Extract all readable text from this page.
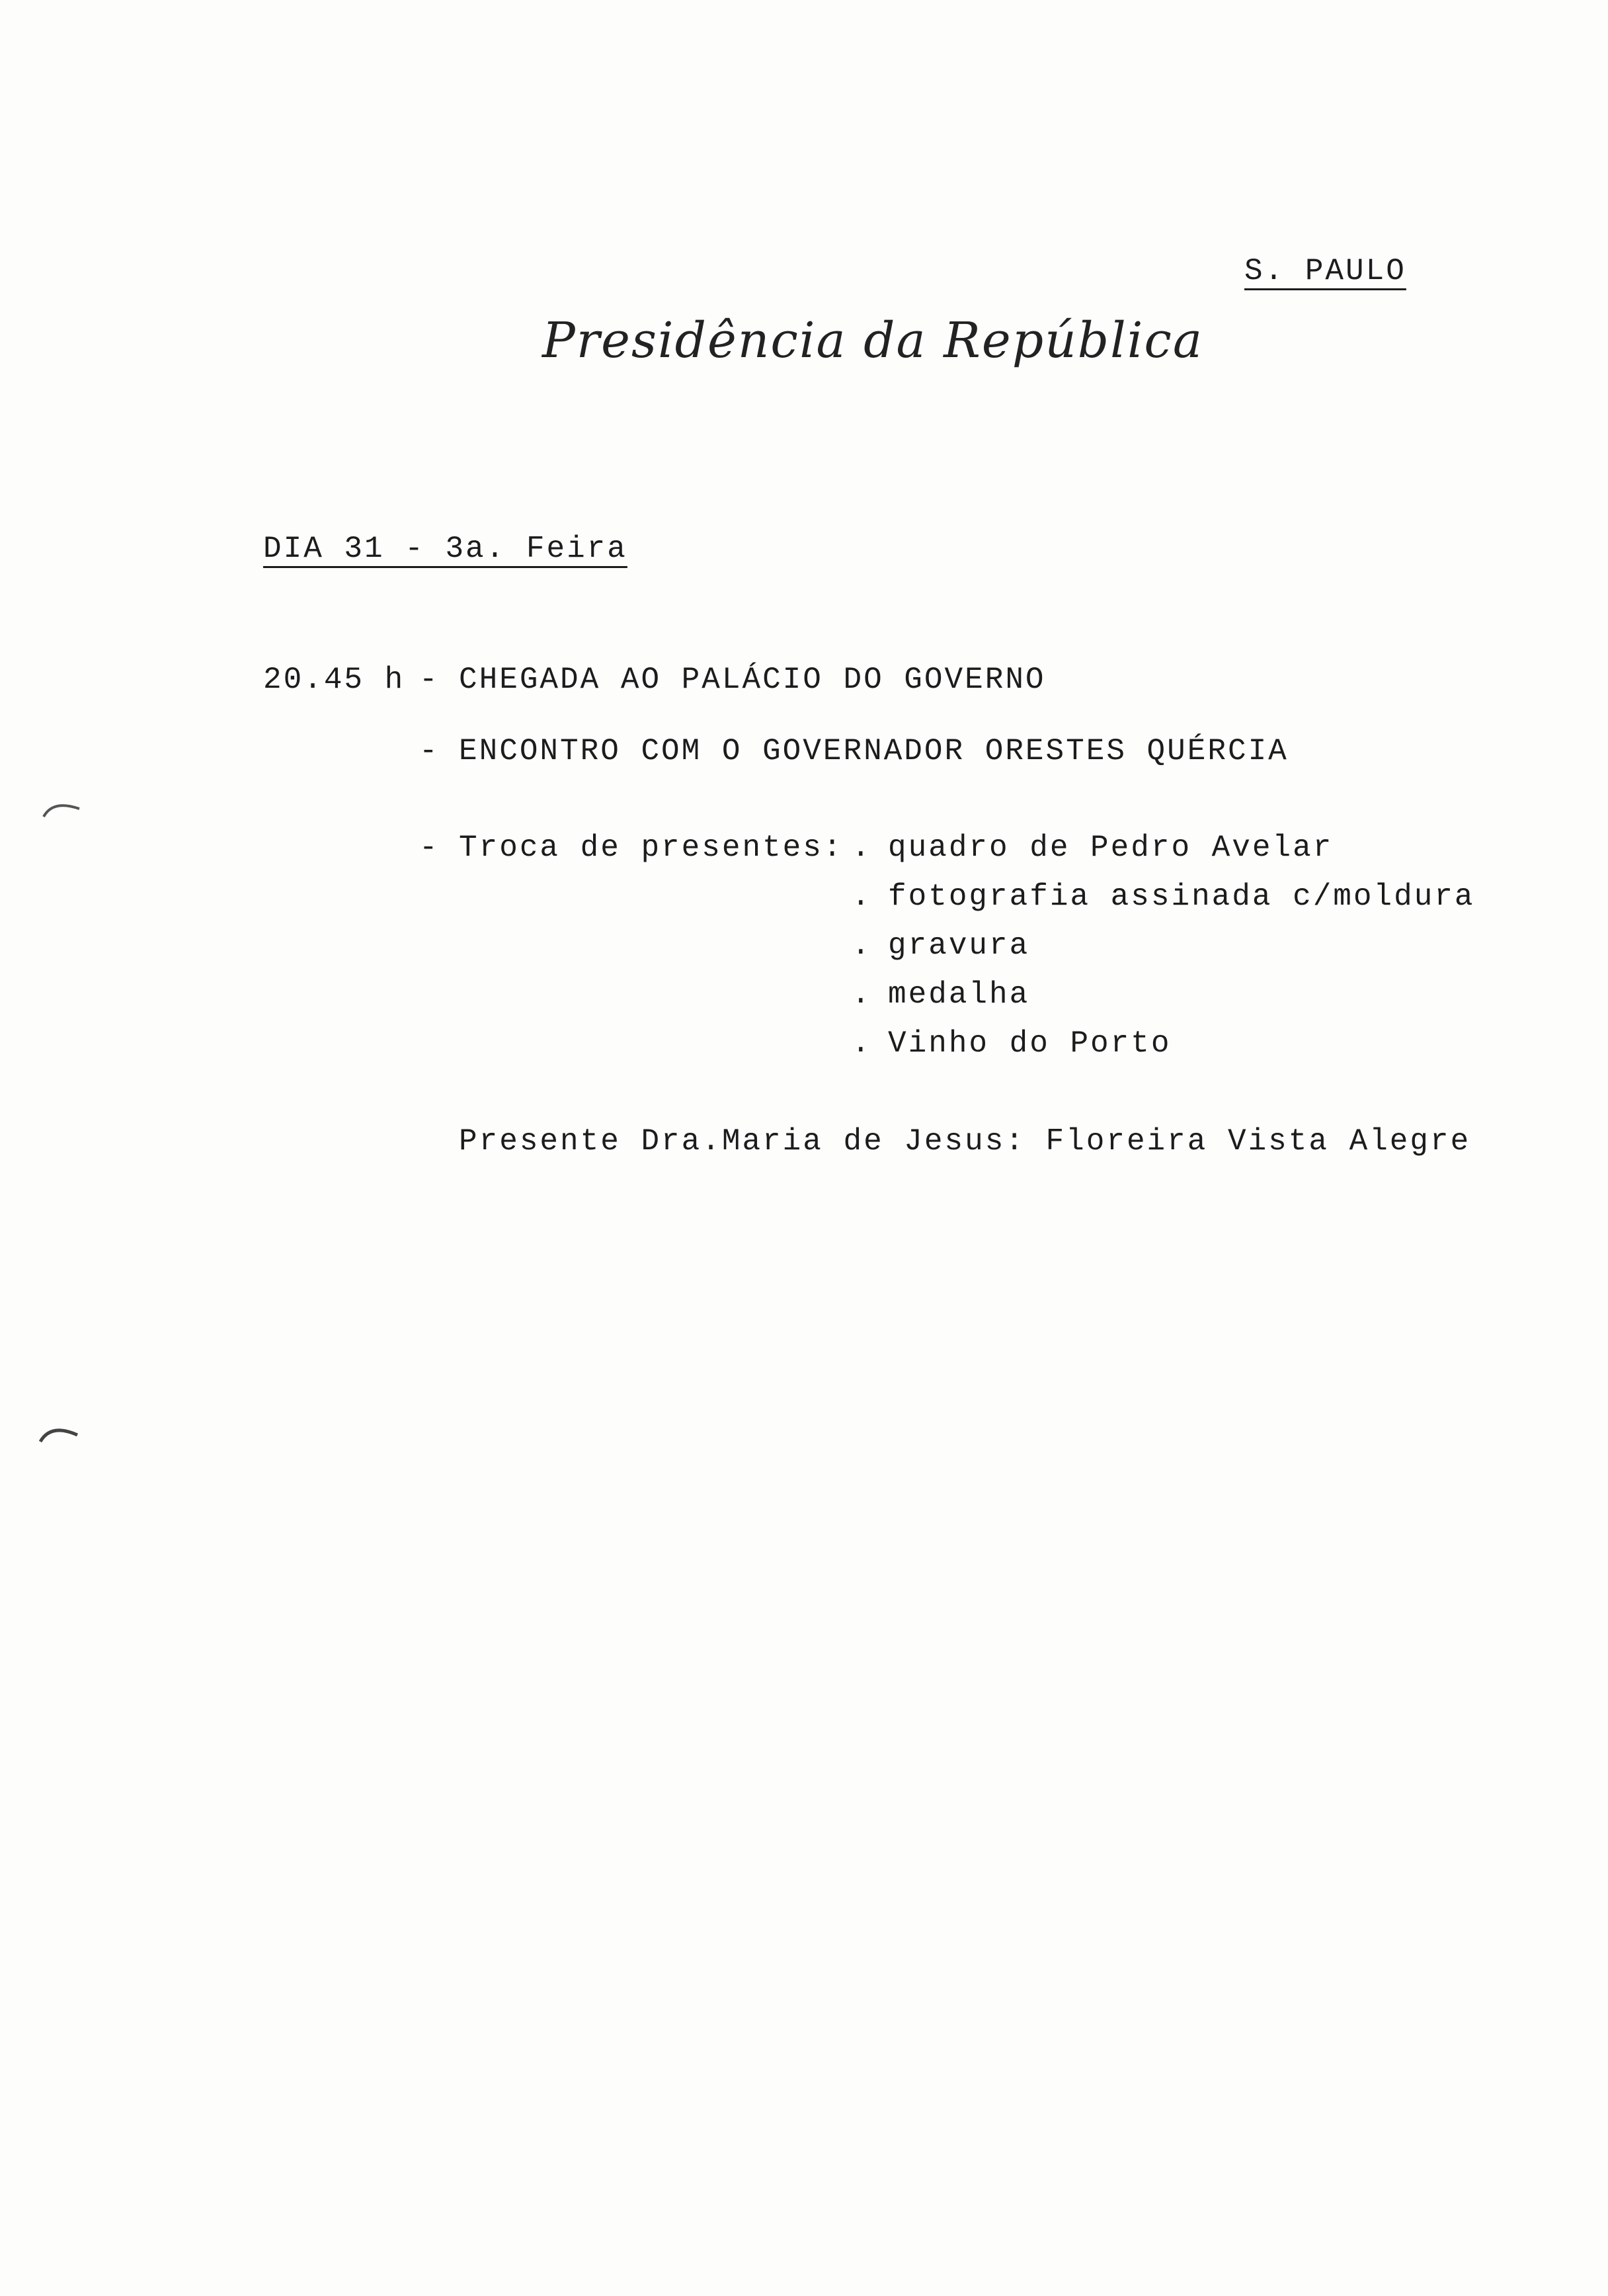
S. PAULO
Presidência da República
DIA 31 - 3a. Feira
20.45 h - CHEGADA AO PALÁCIO DO GOVERNO
- ENCONTRO COM O GOVERNADOR ORESTES QUÉRCIA
- Troca de presentes: . quadro de Pedro Avelar
. fotografia assinada c/moldura
. gravura
. medalha
. Vinho do Porto
Presente Dra.Maria de Jesus: Floreira Vista Alegre
